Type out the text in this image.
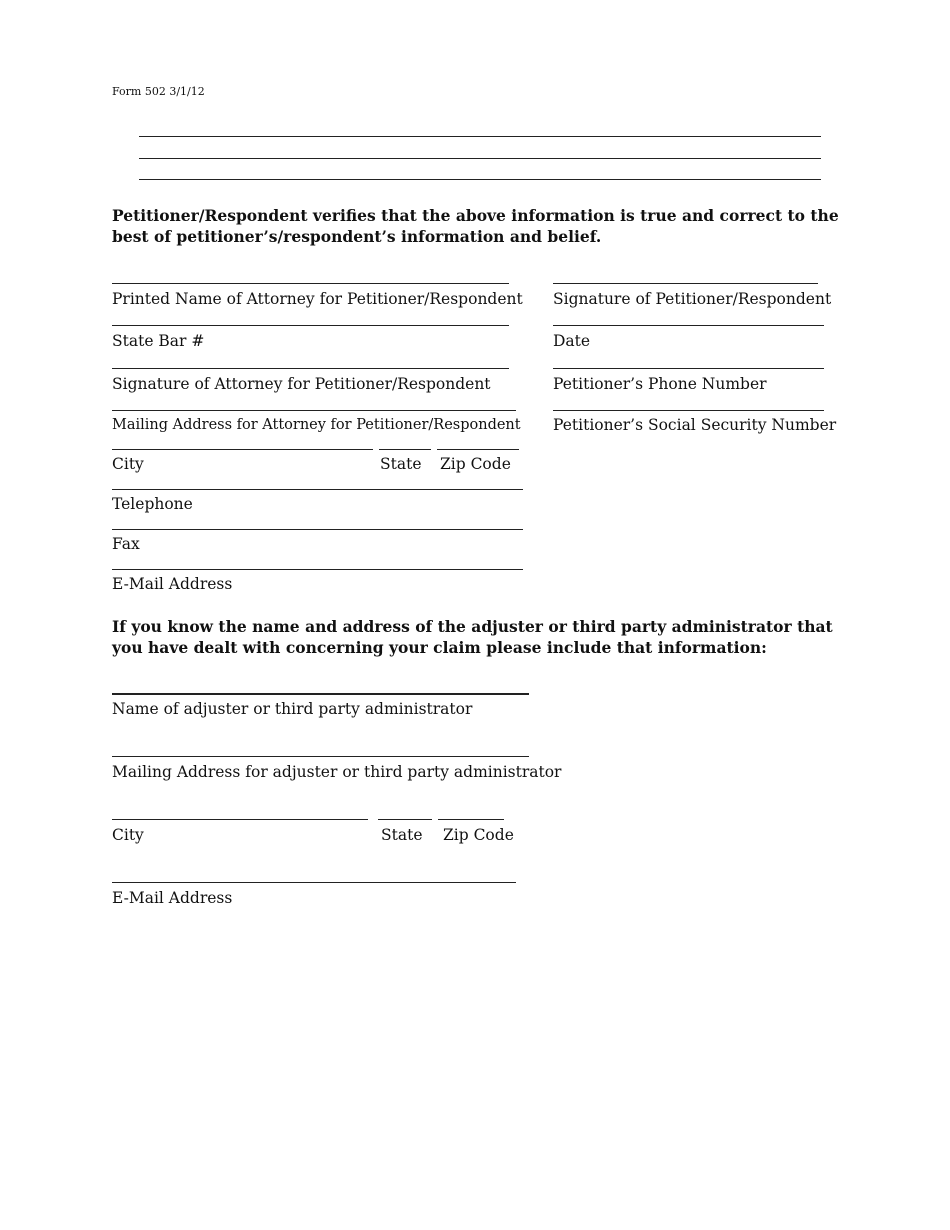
Form 502 3/1/12
Petitioner/Respondent verifies that the above information is true and correct to the best of petitioner’s/respondent’s information and belief.
Printed Name of Attorney for Petitioner/Respondent
State Bar #
Signature of Attorney for Petitioner/Respondent
Mailing Address for Attorney for Petitioner/Respondent
City	State Zip Code
Telephone
Fax
E-Mail Address
Signature of Petitioner/Respondent
Date
Petitioner’s Phone Number
Petitioner’s Social Security Number
If you know the name and address of the adjuster or third party administrator that you have dealt with concerning your claim please include that information:
Name of adjuster or third party administrator
Mailing Address for adjuster or third party administrator
City	State Zip Code
E-Mail Address
